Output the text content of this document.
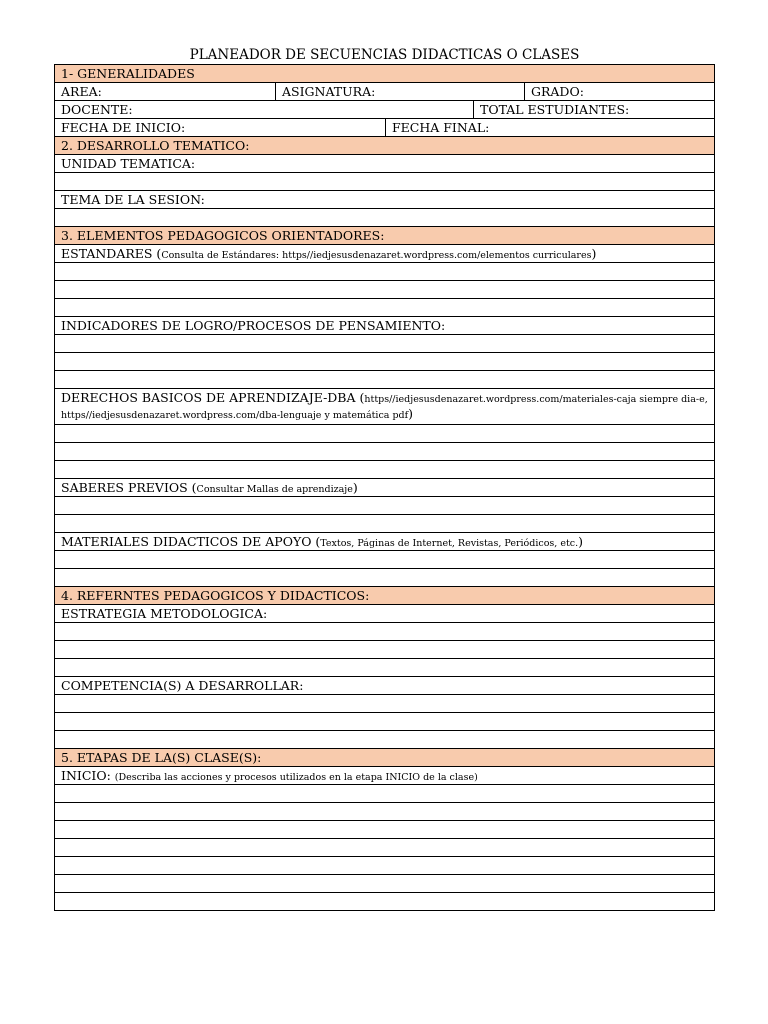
PLANEADOR DE SECUENCIAS DIDACTICAS O CLASES
1- GENERALIDADES
AREA:	ASIGNATURA:	GRADO:
DOCENTE:	TOTAL ESTUDIANTES:
FECHA DE INICIO:	FECHA FINAL:
2. DESARROLLO TEMATICO:
UNIDAD TEMATICA:
TEMA DE LA SESION:
3. ELEMENTOS PEDAGOGICOS ORIENTADORES:
ESTANDARES (Consulta de Estándares: https//iedjesusdenazaret.wordpress.com/elementos curriculares)
INDICADORES DE LOGRO/PROCESOS DE PENSAMIENTO:
DERECHOS BASICOS DE APRENDIZAJE-DBA (https//iedjesusdenazaret.wordpress.com/materiales-caja siempre dia-e, https//iedjesusdenazaret.wordpress.com/dba-lenguaje y matemática pdf)
SABERES PREVIOS (Consultar Mallas de aprendizaje)
MATERIALES DIDACTICOS DE APOYO (Textos, Páginas de Internet, Revistas, Periódicos, etc.)
4. REFERNTES PEDAGOGICOS Y DIDACTICOS:
ESTRATEGIA METODOLOGICA:
COMPETENCIA(S) A DESARROLLAR:
5. ETAPAS DE LA(S) CLASE(S):
INICIO: (Describa las acciones y procesos utilizados en la etapa INICIO de la clase)
